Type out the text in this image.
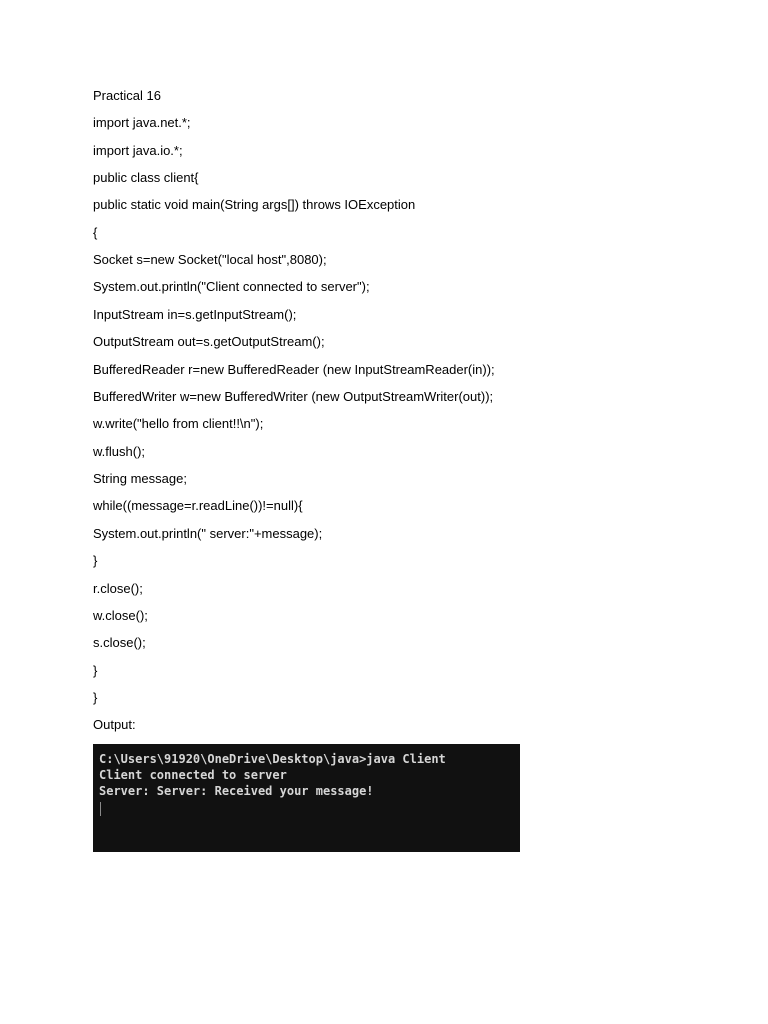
Practical 16
import java.net.*;
import java.io.*;
public class client{
public static void main(String args[]) throws IOException
{
Socket s=new Socket("local host",8080);
System.out.println("Client connected to server");
InputStream in=s.getInputStream();
OutputStream out=s.getOutputStream();
BufferedReader r=new BufferedReader (new InputStreamReader(in));
BufferedWriter w=new BufferedWriter (new OutputStreamWriter(out));
w.write("hello from client!!\n");
w.flush();
String message;
while((message=r.readLine())!=null){
System.out.println(" server:"+message);
}
r.close();
w.close();
s.close();
}
}
Output:
C:\Users\91920\OneDrive\Desktop\java>java Client
Client connected to server
Server: Server: Received your message!
